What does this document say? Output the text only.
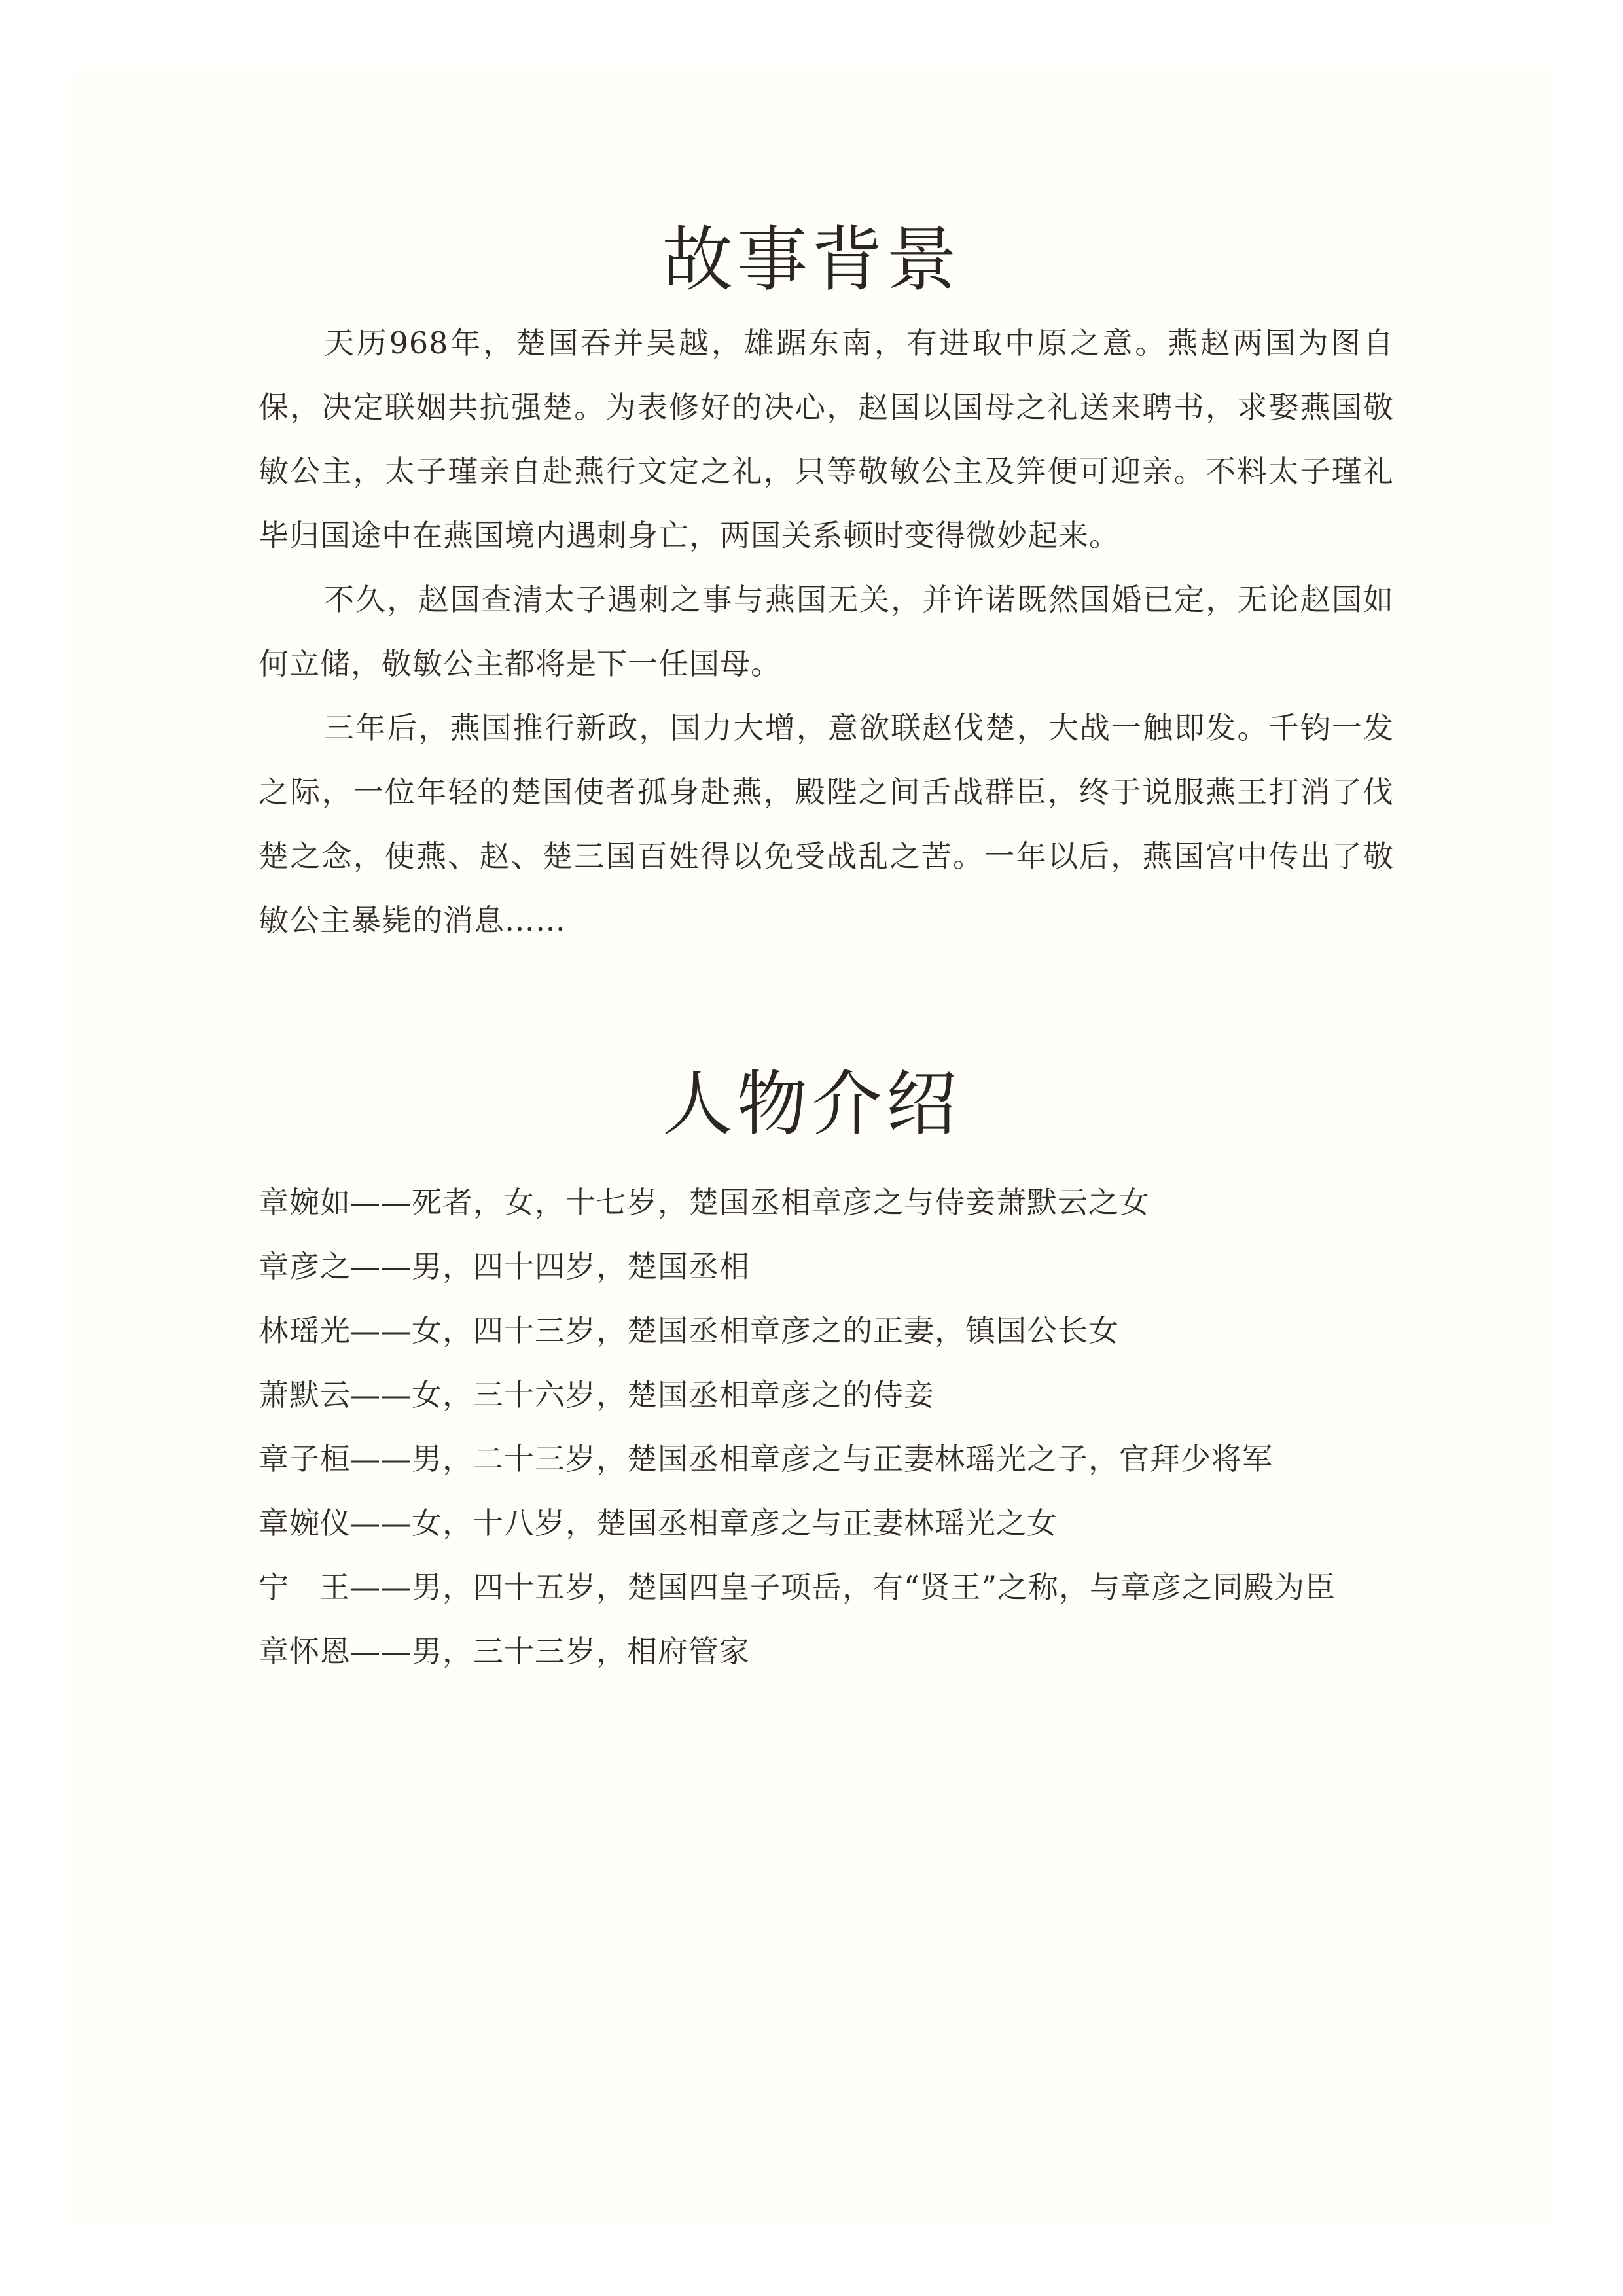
故事背景

天历968年，楚国吞并吴越，雄踞东南，有进取中原之意。燕赵两国为图自保，决定联姻共抗强楚。为表修好的决心，赵国以国母之礼送来聘书，求娶燕国敬敏公主，太子瑾亲自赴燕行文定之礼，只等敬敏公主及笄便可迎亲。不料太子瑾礼毕归国途中在燕国境内遇刺身亡，两国关系顿时变得微妙起来。

不久，赵国查清太子遇刺之事与燕国无关，并许诺既然国婚已定，无论赵国如何立储，敬敏公主都将是下一任国母。

三年后，燕国推行新政，国力大增，意欲联赵伐楚，大战一触即发。千钧一发之际，一位年轻的楚国使者孤身赴燕，殿陛之间舌战群臣，终于说服燕王打消了伐楚之念，使燕、赵、楚三国百姓得以免受战乱之苦。一年以后，燕国宫中传出了敬敏公主暴毙的消息……

人物介绍
章婉如——死者，女，十七岁，楚国丞相章彦之与侍妾萧默云之女
章彦之——男，四十四岁，楚国丞相
林瑶光——女，四十三岁，楚国丞相章彦之的正妻，镇国公长女
萧默云——女，三十六岁，楚国丞相章彦之的侍妾
章子桓——男，二十三岁，楚国丞相章彦之与正妻林瑶光之子，官拜少将军
章婉仪——女，十八岁，楚国丞相章彦之与正妻林瑶光之女
宁王——男，四十五岁，楚国四皇子项岳，有“贤王”之称，与章彦之同殿为臣
章怀恩——男，三十三岁，相府管家
